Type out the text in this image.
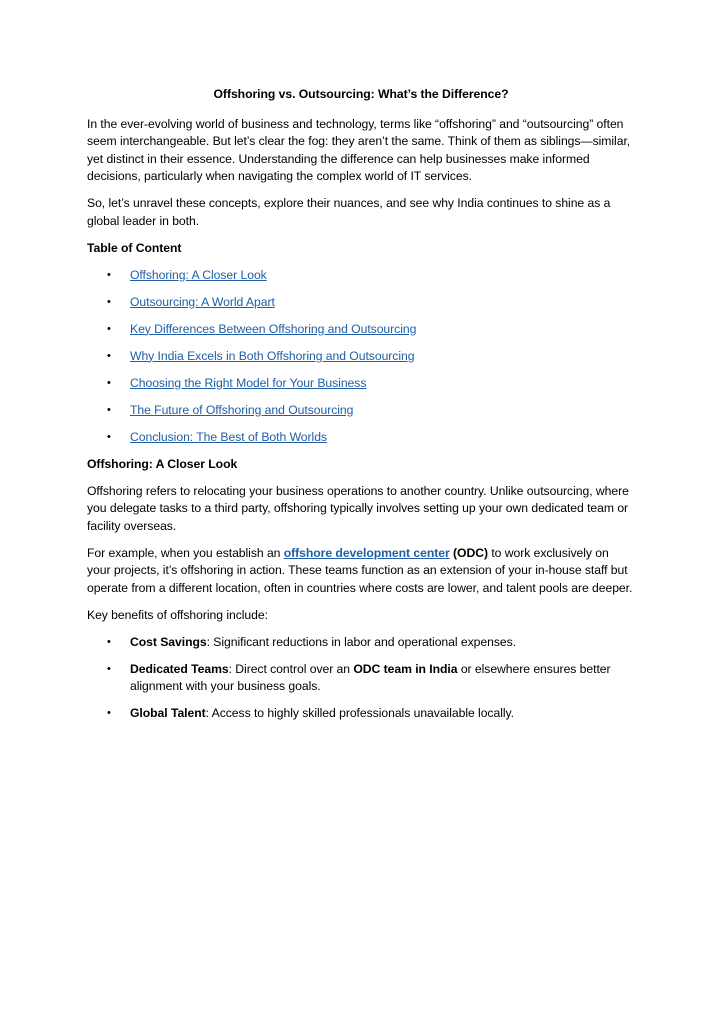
Offshoring vs. Outsourcing: What’s the Difference?

In the ever-evolving world of business and technology, terms like “offshoring” and “outsourcing” often seem interchangeable. But let’s clear the fog: they aren’t the same. Think of them as siblings—similar, yet distinct in their essence. Understanding the difference can help businesses make informed decisions, particularly when navigating the complex world of IT services.

So, let’s unravel these concepts, explore their nuances, and see why India continues to shine as a global leader in both.

Table of Content
• Offshoring: A Closer Look
• Outsourcing: A World Apart
• Key Differences Between Offshoring and Outsourcing
• Why India Excels in Both Offshoring and Outsourcing
• Choosing the Right Model for Your Business
• The Future of Offshoring and Outsourcing
• Conclusion: The Best of Both Worlds
Offshoring: A Closer Look

Offshoring refers to relocating your business operations to another country. Unlike outsourcing, where you delegate tasks to a third party, offshoring typically involves setting up your own dedicated team or facility overseas.

For example, when you establish an offshore development center (ODC) to work exclusively on your projects, it’s offshoring in action. These teams function as an extension of your in-house staff but operate from a different location, often in countries where costs are lower, and talent pools are deeper.

Key benefits of offshoring include:

• Cost Savings: Significant reductions in labor and operational expenses.
• Dedicated Teams: Direct control over an ODC team in India or elsewhere ensures better alignment with your business goals.
• Global Talent: Access to highly skilled professionals unavailable locally.
